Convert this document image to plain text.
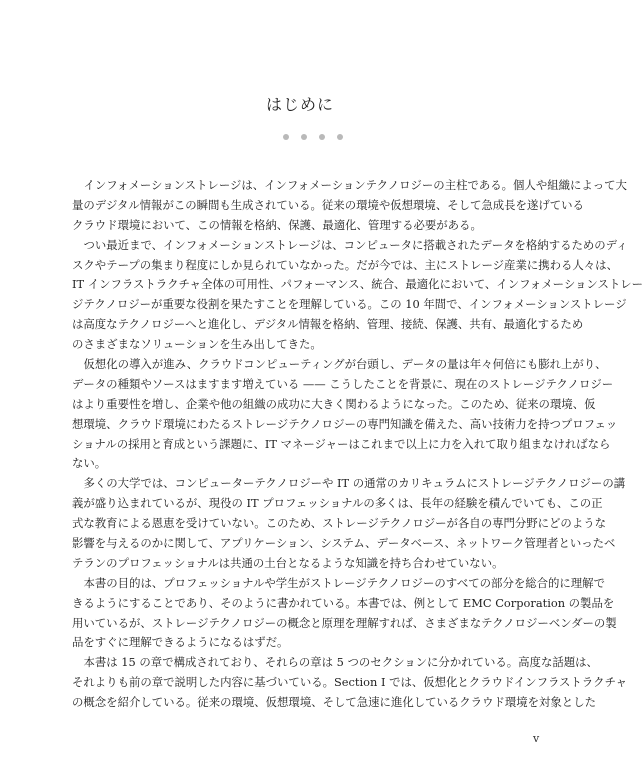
はじめに
インフォメーションストレージは、インフォメーションテクノロジーの主柱である。個人や組織によって大
量のデジタル情報がこの瞬間も生成されている。従来の環境や仮想環境、そして急成長を遂げている
クラウド環境において、この情報を格納、保護、最適化、管理する必要がある。
つい最近まで、インフォメーションストレージは、コンピュータに搭載されたデータを格納するためのディ
スクやテープの集まり程度にしか見られていなかった。だが今では、主にストレージ産業に携わる人々は、
IT インフラストラクチャ全体の可用性、パフォーマンス、統合、最適化において、インフォメーションストレー
ジテクノロジーが重要な役割を果たすことを理解している。この 10 年間で、インフォメーションストレージ
は高度なテクノロジーへと進化し、デジタル情報を格納、管理、接続、保護、共有、最適化するため
のさまざまなソリューションを生み出してきた。
仮想化の導入が進み、クラウドコンピューティングが台頭し、データの量は年々何倍にも膨れ上がり、
データの種類やソースはますます増えている —— こうしたことを背景に、現在のストレージテクノロジー
はより重要性を増し、企業や他の組織の成功に大きく関わるようになった。このため、従来の環境、仮
想環境、クラウド環境にわたるストレージテクノロジーの専門知識を備えた、高い技術力を持つプロフェッ
ショナルの採用と育成という課題に、IT マネージャーはこれまで以上に力を入れて取り組まなければなら
ない。
多くの大学では、コンピューターテクノロジーや IT の通常のカリキュラムにストレージテクノロジーの講
義が盛り込まれているが、現役の IT プロフェッショナルの多くは、長年の経験を積んでいても、この正
式な教育による恩恵を受けていない。このため、ストレージテクノロジーが各自の専門分野にどのような
影響を与えるのかに関して、アプリケーション、システム、データベース、ネットワーク管理者といったベ
テランのプロフェッショナルは共通の土台となるような知識を持ち合わせていない。
本書の目的は、プロフェッショナルや学生がストレージテクノロジーのすべての部分を総合的に理解で
きるようにすることであり、そのように書かれている。本書では、例として EMC Corporation の製品を
用いているが、ストレージテクノロジーの概念と原理を理解すれば、さまざまなテクノロジーベンダーの製
品をすぐに理解できるようになるはずだ。
本書は 15 の章で構成されており、それらの章は 5 つのセクションに分かれている。高度な話題は、
それよりも前の章で説明した内容に基づいている。Section I では、仮想化とクラウドインフラストラクチャ
の概念を紹介している。従来の環境、仮想環境、そして急速に進化しているクラウド環境を対象とした
v
